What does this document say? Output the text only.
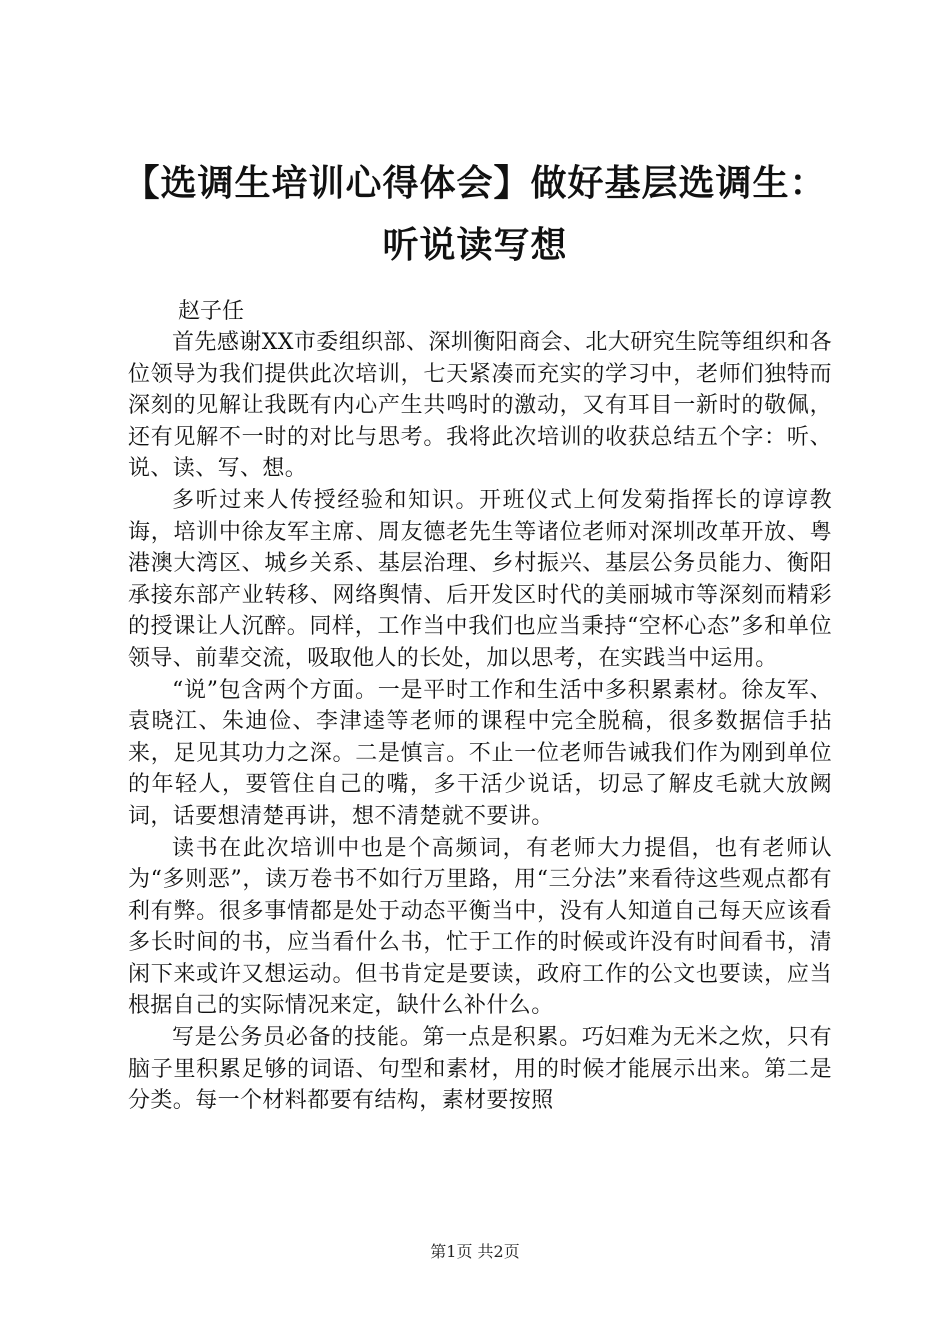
【选调生培训心得体会】做好基层选调生：听说读写想
赵子任

首先感谢XX市委组织部、深圳衡阳商会、北大研究生院等组织和各位领导为我们提供此次培训，七天紧凑而充实的学习中，老师们独特而深刻的见解让我既有内心产生共鸣时的激动，又有耳目一新时的敬佩，还有见解不一时的对比与思考。我将此次培训的收获总结五个字：听、说、读、写、想。

多听过来人传授经验和知识。开班仪式上何发菊指挥长的谆谆教诲，培训中徐友军主席、周友德老先生等诸位老师对深圳改革开放、粤港澳大湾区、城乡关系、基层治理、乡村振兴、基层公务员能力、衡阳承接东部产业转移、网络舆情、后开发区时代的美丽城市等深刻而精彩的授课让人沉醉。同样，工作当中我们也应当秉持“空杯心态”多和单位领导、前辈交流，吸取他人的长处，加以思考，在实践当中运用。

“说”包含两个方面。一是平时工作和生活中多积累素材。徐友军、袁晓江、朱迪俭、李津逵等老师的课程中完全脱稿，很多数据信手拈来，足见其功力之深。二是慎言。不止一位老师告诫我们作为刚到单位的年轻人，要管住自己的嘴，多干活少说话，切忌了解皮毛就大放阙词，话要想清楚再讲，想不清楚就不要讲。

读书在此次培训中也是个高频词，有老师大力提倡，也有老师认为“多则恶”，读万卷书不如行万里路，用“三分法”来看待这些观点都有利有弊。很多事情都是处于动态平衡当中，没有人知道自己每天应该看多长时间的书，应当看什么书，忙于工作的时候或许没有时间看书，清闲下来或许又想运动。但书肯定是要读，政府工作的公文也要读，应当根据自己的实际情况来定，缺什么补什么。

写是公务员必备的技能。第一点是积累。巧妇难为无米之炊，只有脑子里积累足够的词语、句型和素材，用的时候才能展示出来。第二是分类。每一个材料都要有结构，素材要按照

第1页 共2页
